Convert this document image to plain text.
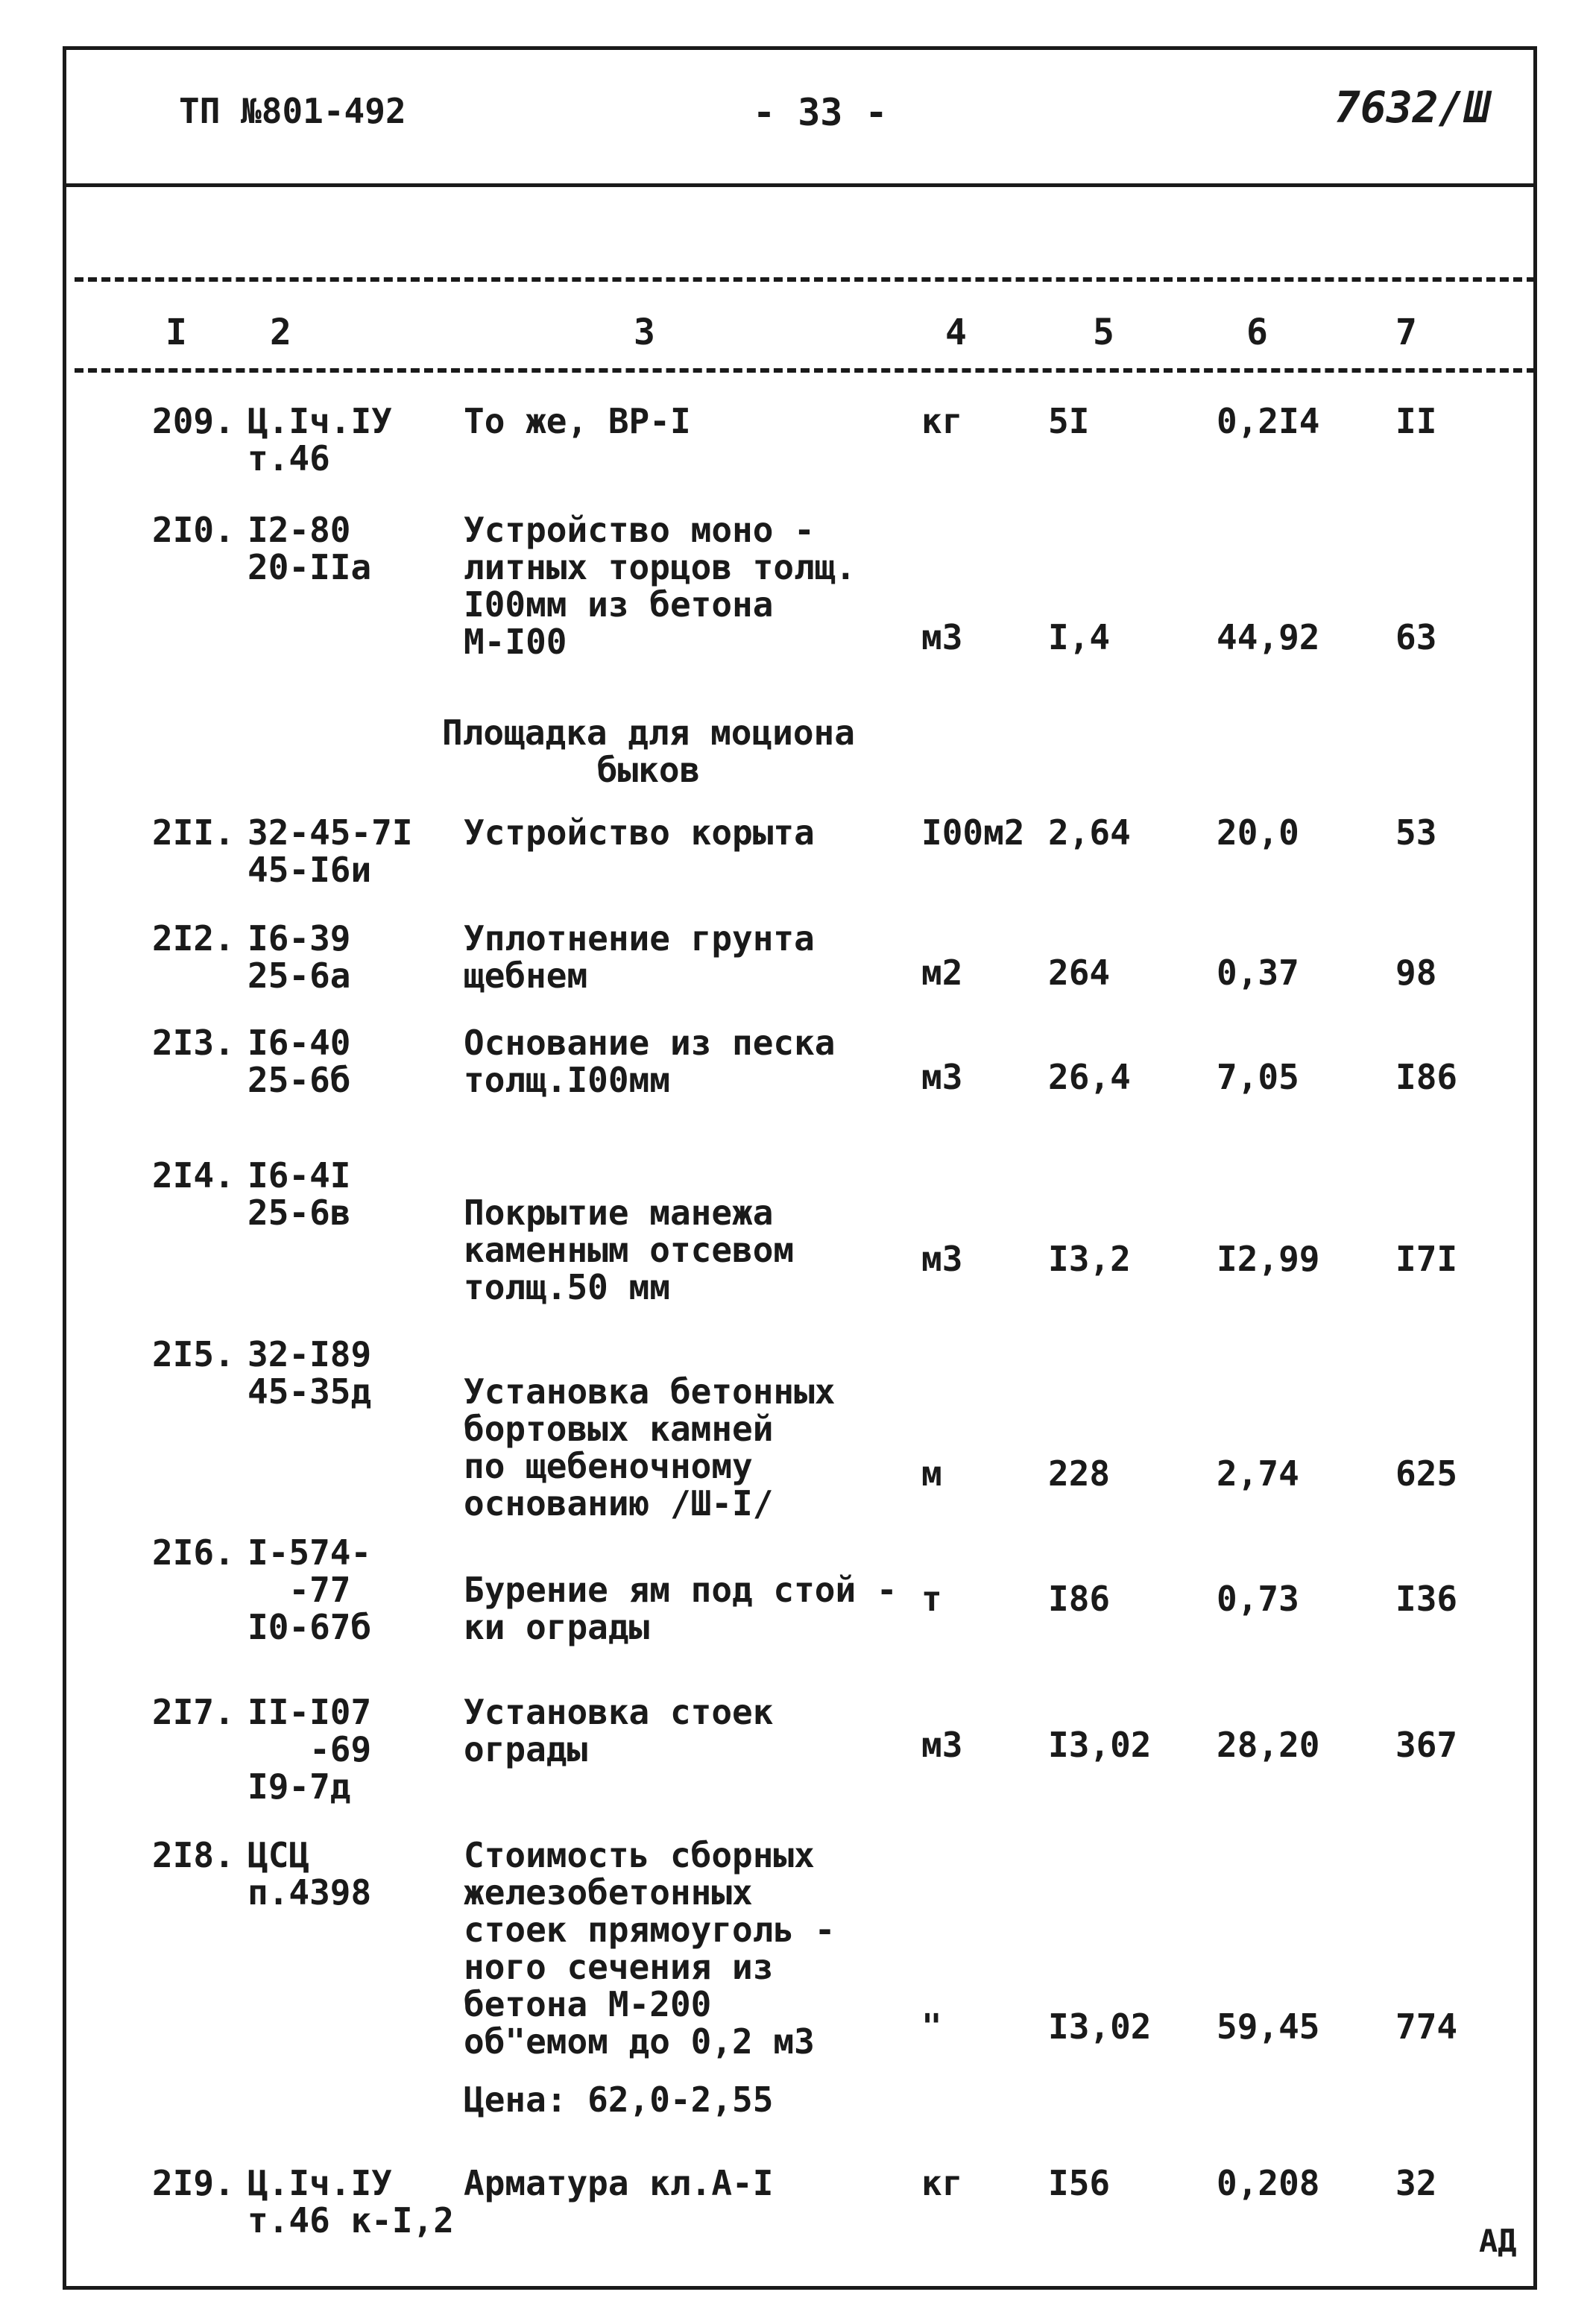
ТП №801-492	- 33 -	7632/Ш
I 2	3	4	5	6	7
209. Ц.Iч.IУ
т.46
То же, ВР-I	кг 5I	0,2I4 II
2I0. I2-80
20-IIа
Устройство моно -
литных торцов толщ.
I00мм из бетона
М-I00	м3 I,4	44,92 63
2II. 32-45-7I
45-I6и
Устройство корыта	I00м2 2,64	20,0	53
2I2. I6-39
25-6а
Уплотнение грунта
щебнем	м2 264	0,37	98
2I3. I6-40
25-6б
Основание из песка
толщ.I00мм	м3 26,4	7,05	I86
2I4. I6-4I
25-6в	Покрытие манежа
каменным отсевом
толщ.50 мм
м3 I3,2	I2,99 I7I
2I5. 32-I89
45-35д	Установка бетонных
бортовых камней
по щебеночному
основанию /Ш-I/
м	228	2,74	625
2I6. I-574-
-77
I0-67б
Бурение ям под стой -
ки ограды
т	I86	0,73	I36
2I7. II-I07
-69
I9-7д
Установка стоек
ограды	м3 I3,02 28,20 367
2I8. ЦСЦ
п.4398
Стоимость сборных
железобетонных
стоек прямоуголь -
ного сечения из
бетона М-200
об"емом до 0,2 м3	"	I3,02 59,45 774
2I9. Ц.Iч.IУ
т.46 к-I,2
Арматура кл.А-I	кг I56	0,208 32
Площадка для моциона
быков
Цена: 62,0-2,55
АД
